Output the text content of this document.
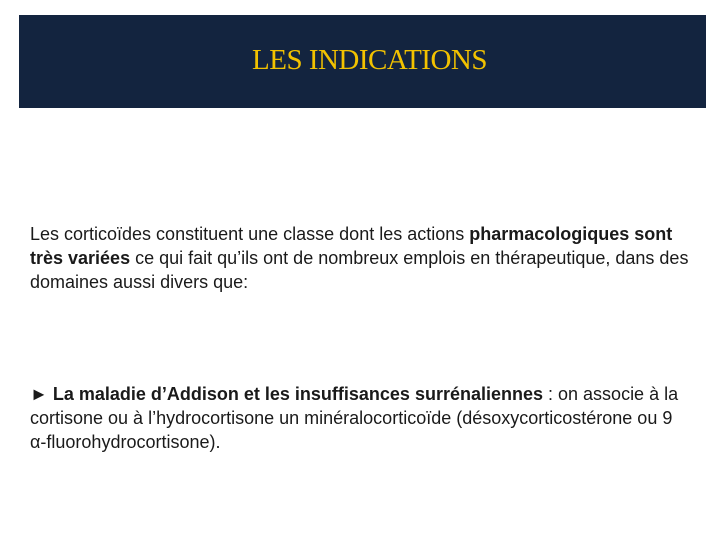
LES INDICATIONS
Les corticoïdes constituent une classe dont les actions pharmacologiques sont très variées ce qui fait qu’ils ont de nombreux emplois en thérapeutique, dans des domaines aussi divers que:
► La maladie d’Addison et les insuffisances surrénaliennes : on associe à la cortisone ou à l’hydrocortisone un minéralocorticoïde (désoxycorticostérone ou 9 α-fluorohydrocortisone).
